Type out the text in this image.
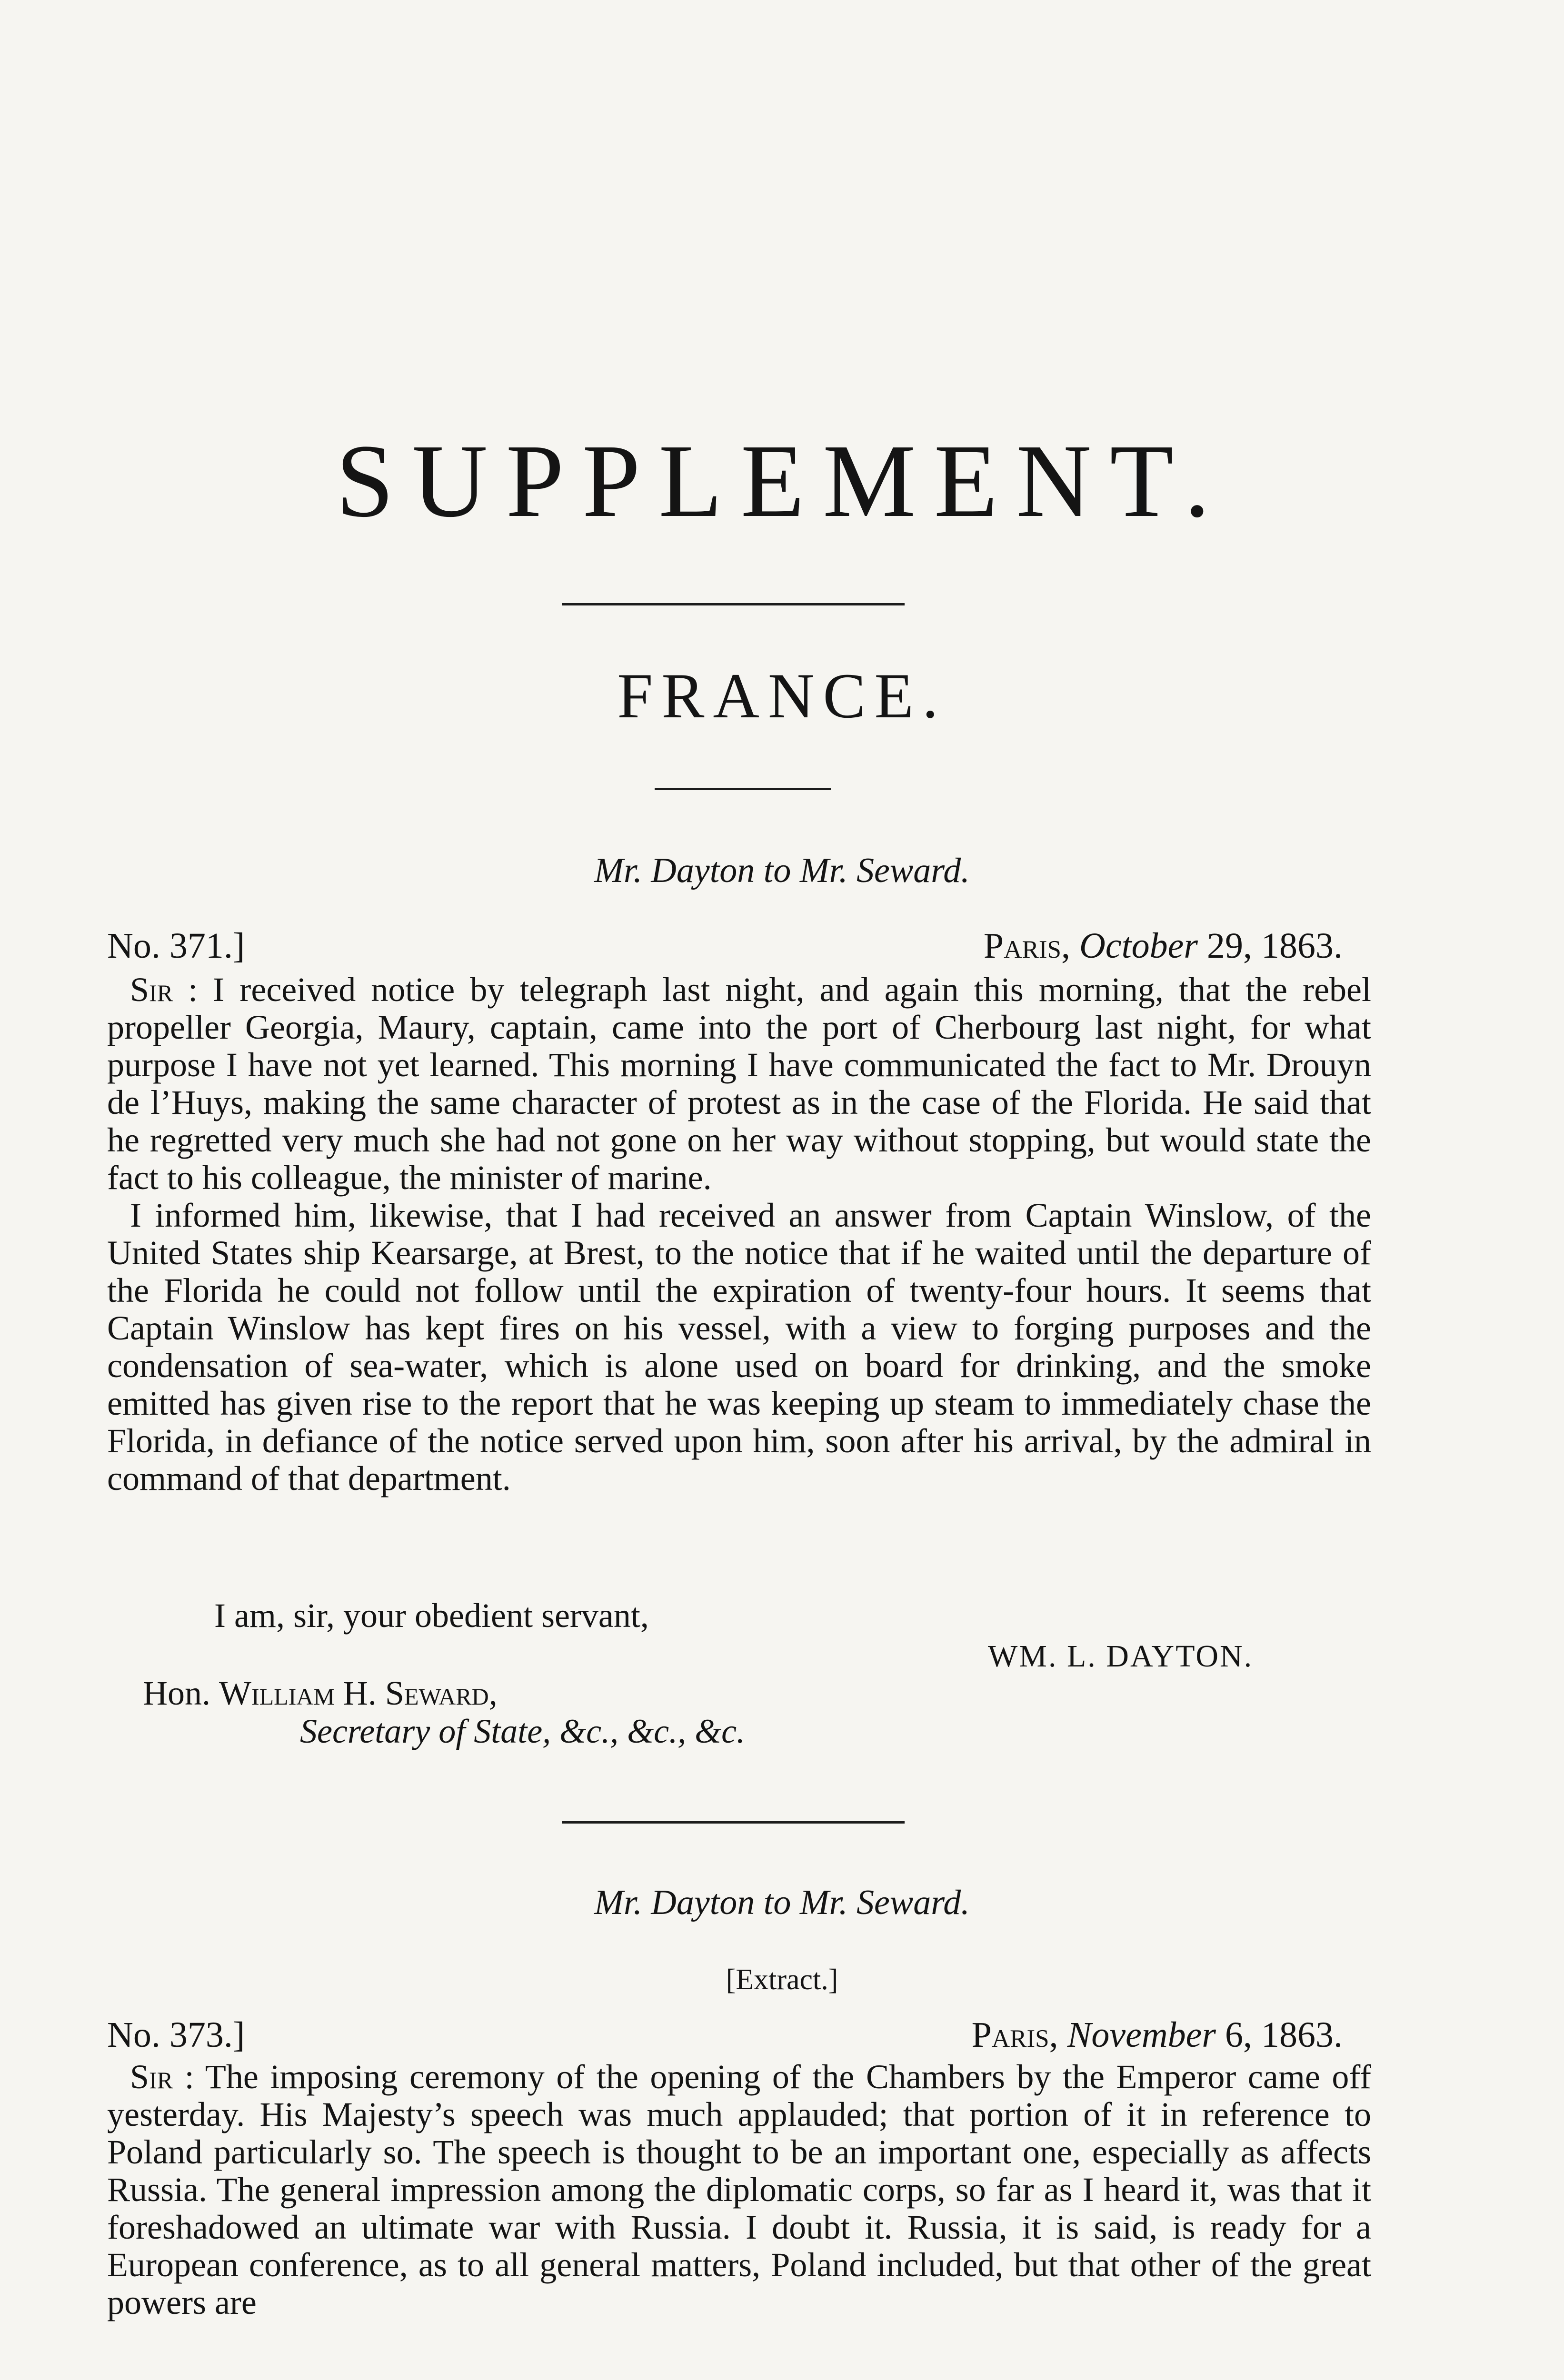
SUPPLEMENT.
FRANCE.
Mr. Dayton to Mr. Seward.
No. 371.]	Paris, October 29, 1863.

Sir : I received notice by telegraph last night, and again this morning, that the rebel propeller Georgia, Maury, captain, came into the port of Cherbourg last night, for what purpose I have not yet learned. This morning I have communicated the fact to Mr. Drouyn de l’Huys, making the same character of protest as in the case of the Florida. He said that he regretted very much she had not gone on her way without stopping, but would state the fact to his colleague, the minister of marine.

I informed him, likewise, that I had received an answer from Captain Winslow, of the United States ship Kearsarge, at Brest, to the notice that if he waited until the departure of the Florida he could not follow until the expiration of twenty-four hours. It seems that Captain Winslow has kept fires on his vessel, with a view to forging purposes and the condensation of sea-water, which is alone used on board for drinking, and the smoke emitted has given rise to the report that he was keeping up steam to immediately chase the Florida, in defiance of the notice served upon him, soon after his arrival, by the admiral in command of that department.

I am, sir, your obedient servant,
WM. L. DAYTON.
Hon. William H. Seward,
Secretary of State, &c., &c., &c.
Mr. Dayton to Mr. Seward.
[Extract.]
No. 373.]	Paris, November 6, 1863.

Sir : The imposing ceremony of the opening of the Chambers by the Emperor came off yesterday. His Majesty’s speech was much applauded; that portion of it in reference to Poland particularly so. The speech is thought to be an important one, especially as affects Russia. The general impression among the diplomatic corps, so far as I heard it, was that it foreshadowed an ultimate war with Russia. I doubt it. Russia, it is said, is ready for a European conference, as to all general matters, Poland included, but that other of the great powers are
